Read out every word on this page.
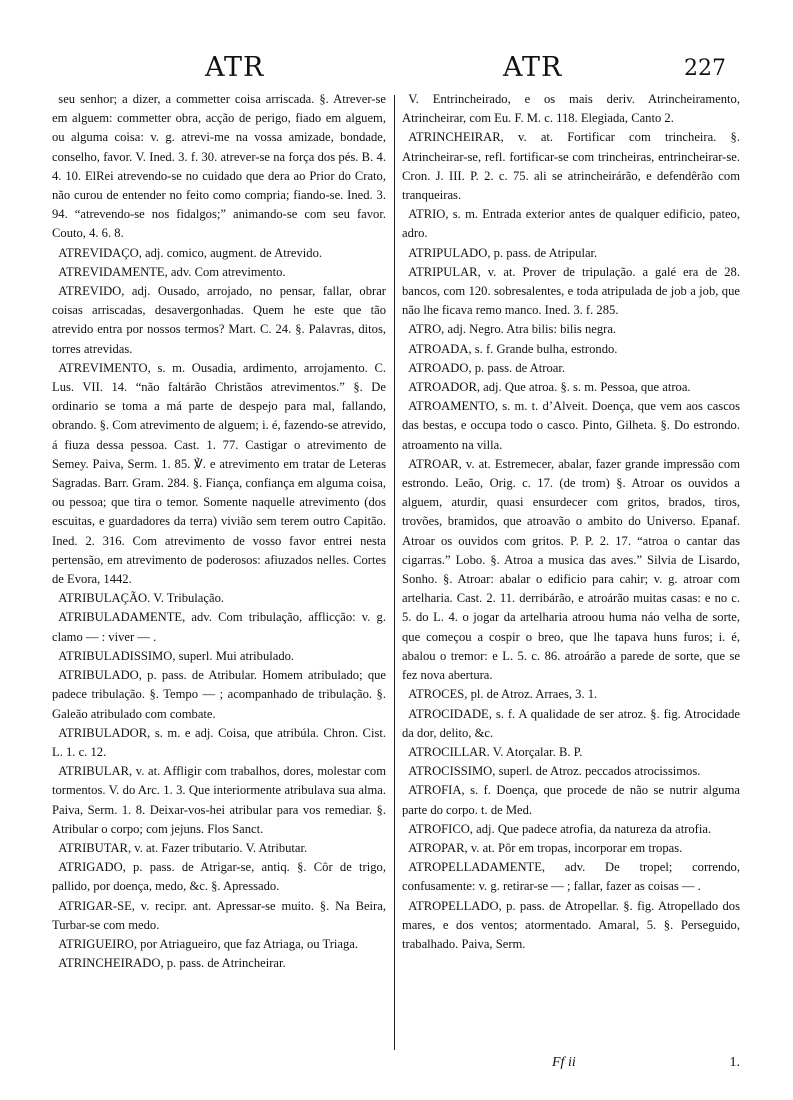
ATR	ATR	227

seu senhor; a dizer, a commetter coisa arriscada. §. Atrever-se em alguem: commetter obra, acção de perigo, fiado em alguem, ou alguma coisa: v. g. atrevi-me na vossa amizade, bondade, conselho, favor. V. Ined. 3. f. 30. atrever-se na força dos pés. B. 4. 4. 10. ElRei atrevendo-se no cuidado que dera ao Prior do Crato, não curou de entender no feito como compria; fiando-se. Ined. 3. 94. “atrevendo-se nos fidalgos;” animando-se com seu favor. Couto, 4. 6. 8.

ATREVIDAÇO, adj. comico, augment. de Atrevido.

ATREVIDAMENTE, adv. Com atrevimento.

ATREVIDO, adj. Ousado, arrojado, no pensar, fallar, obrar coisas arriscadas, desavergonhadas. Quem he este que tão atrevido entra por nossos termos? Mart. C. 24. §. Palavras, ditos, torres atrevidas.

ATREVIMENTO, s. m. Ousadia, ardimento, arrojamento. C. Lus. VII. 14. “não faltárão Christãos atrevimentos.” §. De ordinario se toma a má parte de despejo para mal, fallando, obrando. §. Com atrevimento de alguem; i. é, fazendo-se atrevido, á fiuza dessa pessoa. Cast. 1. 77. Castigar o atrevimento de Semey. Paiva, Serm. 1. 85. ℣. e atrevimento em tratar de Leteras Sagradas. Barr. Gram. 284. §. Fiança, confiança em alguma coisa, ou pessoa; que tira o temor. Somente naquelle atrevimento (dos escuitas, e guardadores da terra) vivião sem terem outro Capitão. Ined. 2. 316. Com atrevimento de vosso favor entrei nesta pertensão, em atrevimento de poderosos: afiuzados nelles. Cortes de Evora, 1442.

ATRIBULAÇÃO. V. Tribulação.

ATRIBULADAMENTE, adv. Com tribulação, afflicção: v. g. clamo — : viver — .

ATRIBULADISSIMO, superl. Mui atribulado.

ATRIBULADO, p. pass. de Atribular. Homem atribulado; que padece tribulação. §. Tempo — ; acompanhado de tribulação. §. Galeão atribulado com combate.

ATRIBULADOR, s. m. e adj. Coisa, que atribúla. Chron. Cist. L. 1. c. 12.

ATRIBULAR, v. at. Affligir com trabalhos, dores, molestar com tormentos. V. do Arc. 1. 3. Que interiormente atribulava sua alma. Paiva, Serm. 1. 8. Deixar-vos-hei atribular para vos remediar. §. Atribular o corpo; com jejuns. Flos Sanct.

ATRIBUTAR, v. at. Fazer tributario. V. Atributar.

ATRIGADO, p. pass. de Atrigar-se, antiq. §. Côr de trigo, pallido, por doença, medo, &c. §. Apressado.

ATRIGAR-SE, v. recipr. ant. Apressar-se muito. §. Na Beira, Turbar-se com medo.

ATRIGUEIRO, por Atriagueiro, que faz Atriaga, ou Triaga.

ATRINCHEIRADO, p. pass. de Atrincheirar.

V. Entrincheirado, e os mais deriv. Atrincheiramento, Atrincheirar, com Eu. F. M. c. 118. Elegiada, Canto 2.

ATRINCHEIRAR, v. at. Fortificar com trincheira. §. Atrincheirar-se, refl. fortificar-se com trincheiras, entrincheirar-se. Cron. J. III. P. 2. c. 75. ali se atrincheirárão, e defendêrão com tranqueiras.

ATRIO, s. m. Entrada exterior antes de qualquer edificio, pateo, adro.

ATRIPULADO, p. pass. de Atripular.

ATRIPULAR, v. at. Prover de tripulação. a galé era de 28. bancos, com 120. sobresalentes, e toda atripulada de job a job, que não lhe ficava remo manco. Ined. 3. f. 285.

ATRO, adj. Negro. Atra bilis: bilis negra.

ATROADA, s. f. Grande bulha, estrondo.

ATROADO, p. pass. de Atroar.

ATROADOR, adj. Que atroa. §. s. m. Pessoa, que atroa.

ATROAMENTO, s. m. t. d’Alveit. Doença, que vem aos cascos das bestas, e occupa todo o casco. Pinto, Gilheta. §. Do estrondo. atroamento na villa.

ATROAR, v. at. Estremecer, abalar, fazer grande impressão com estrondo. Leão, Orig. c. 17. (de trom) §. Atroar os ouvidos a alguem, aturdir, quasi ensurdecer com gritos, brados, tiros, trovões, bramidos, que atroavão o ambito do Universo. Epanaf. Atroar os ouvidos com gritos. P. P. 2. 17. “atroa o cantar das cigarras.” Lobo. §. Atroa a musica das aves.” Silvia de Lisardo, Sonho. §. Atroar: abalar o edificio para cahir; v. g. atroar com artelharia. Cast. 2. 11. derribárão, e atroárão muitas casas: e no c. 5. do L. 4. o jogar da artelharia atroou huma náo velha de sorte, que começou a cospir o breo, que lhe tapava huns furos; i. é, abalou o tremor: e L. 5. c. 86. atroárão a parede de sorte, que se fez nova abertura.

ATROCES, pl. de Atroz. Arraes, 3. 1.

ATROCIDADE, s. f. A qualidade de ser atroz. §. fig. Atrocidade da dor, delito, &c.

ATROCILLAR. V. Atorçalar. B. P.

ATROCISSIMO, superl. de Atroz. peccados atrocissimos.

ATROFIA, s. f. Doença, que procede de não se nutrir alguma parte do corpo. t. de Med.

ATROFICO, adj. Que padece atrofia, da natureza da atrofia.

ATROPAR, v. at. Pôr em tropas, incorporar em tropas.

ATROPELLADAMENTE, adv. De tropel; correndo, confusamente: v. g. retirar-se — ; fallar, fazer as coisas — .

ATROPELLADO, p. pass. de Atropellar. §. fig. Atropellado dos mares, e dos ventos; atormentado. Amaral, 5. §. Perseguido, trabalhado. Paiva, Serm.

Ff ii	1.
